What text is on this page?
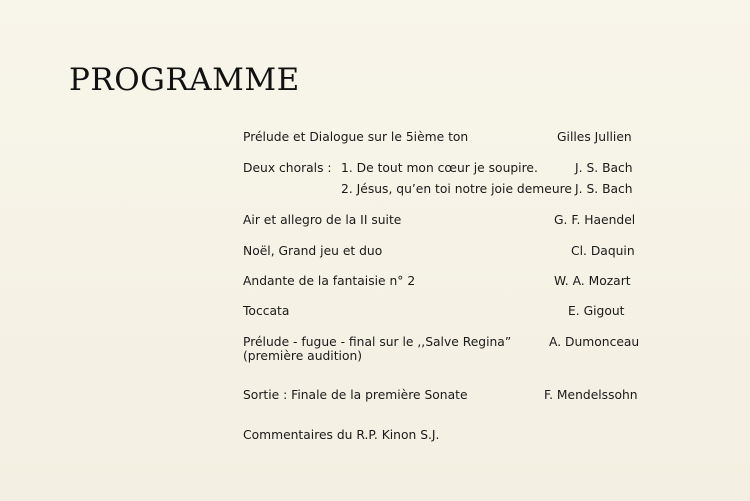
PROGRAMME
Prélude et Dialogue sur le 5ième ton	Gilles Jullien
Deux chorals : 1. De tout mon cœur je soupire.	J. S. Bach
2. Jésus, qu’en toi notre joie demeure J. S. Bach
Air et allegro de la II suite	G. F. Haendel
Noël, Grand jeu et duo	Cl. Daquin
Andante de la fantaisie n° 2	W. A. Mozart
Toccata	E. Gigout
Prélude - fugue - final sur le ,,Salve Regina”	A. Dumonceau
(première audition)
Sortie : Finale de la première Sonate	F. Mendelssohn
Commentaires du R.P. Kinon S.J.
